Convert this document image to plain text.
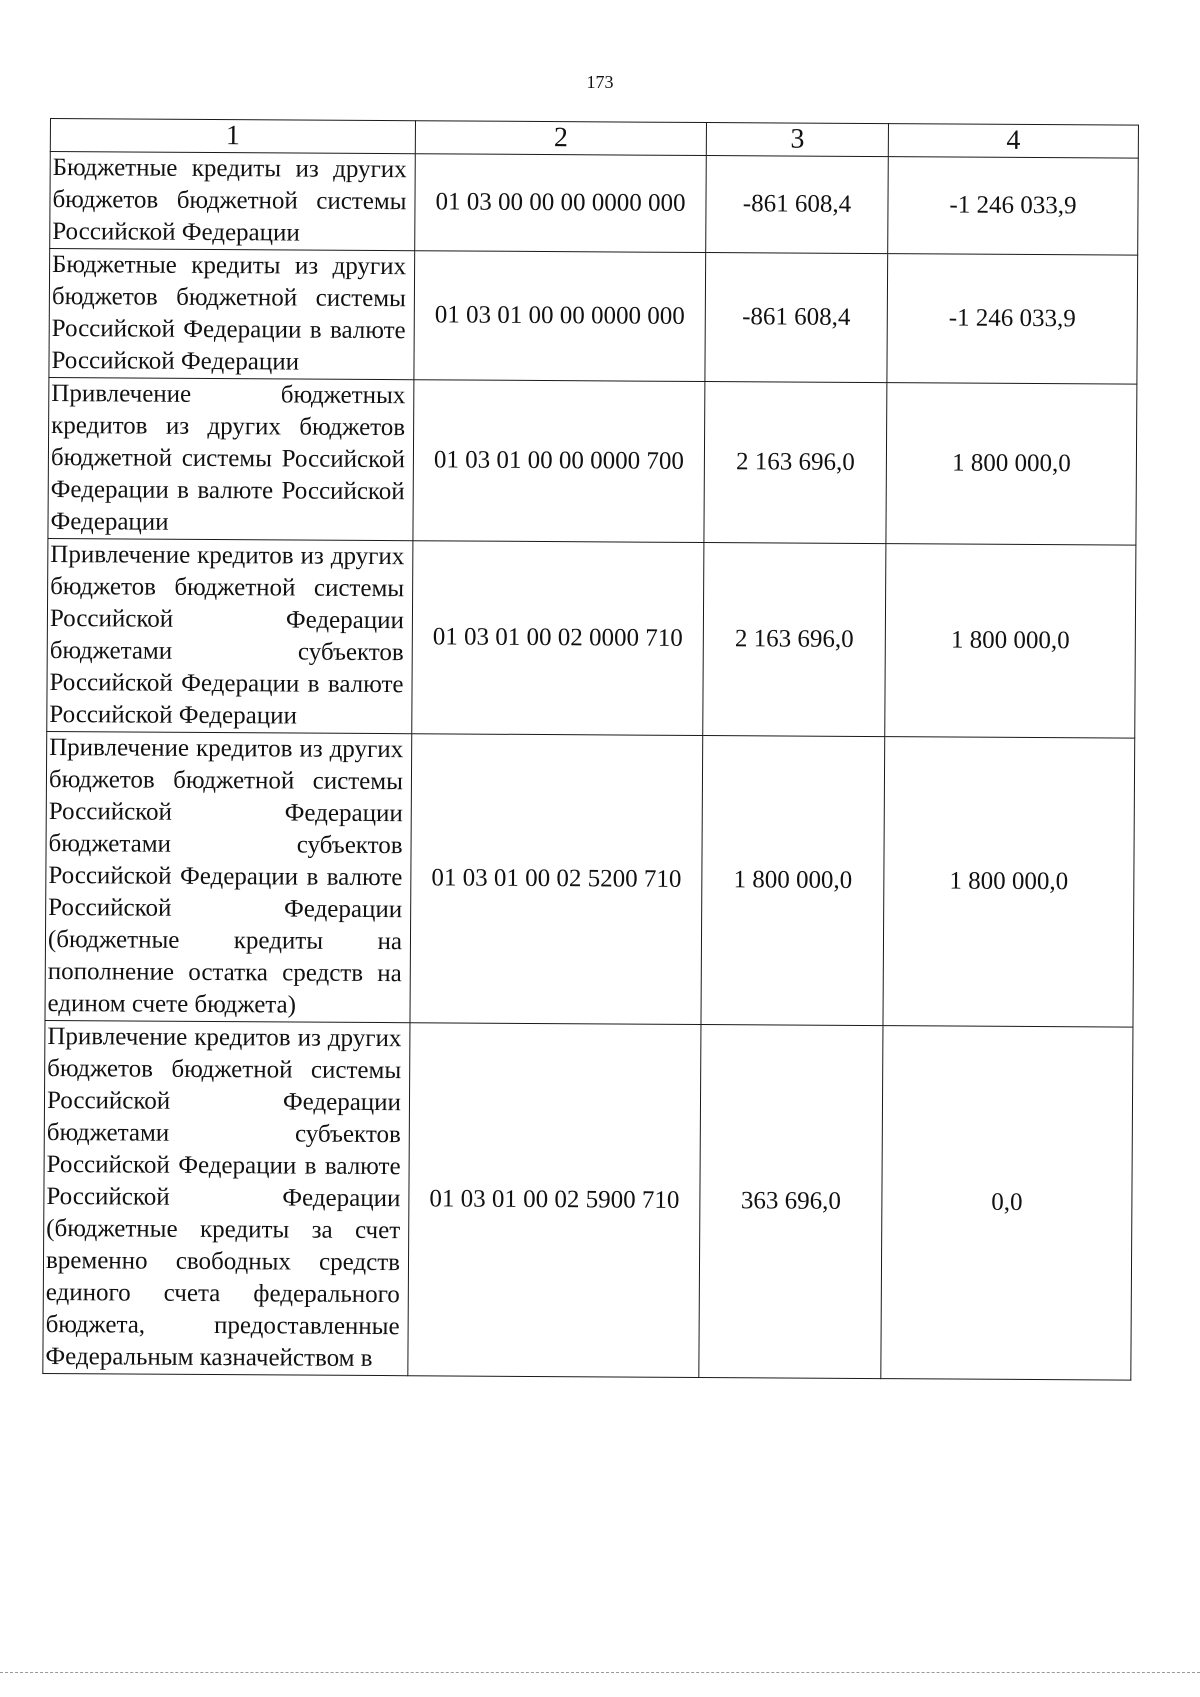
173
1	2	3	4
Бюджетные кредиты из других бюджетов бюджетной системы Российской Федерации	01 03 00 00 00 0000 000	-861 608,4	-1 246 033,9
Бюджетные кредиты из других бюджетов бюджетной системы Российской Федерации в валюте Российской Федерации	01 03 01 00 00 0000 000	-861 608,4	-1 246 033,9
Привлечение бюджетных кредитов из других бюджетов бюджетной системы Российской Федерации в валюте Российской Федерации	01 03 01 00 00 0000 700	2 163 696,0	1 800 000,0
Привлечение кредитов из других бюджетов бюджетной системы Российской Федерации бюджетами субъектов Российской Федерации в валюте Российской Федерации	01 03 01 00 02 0000 710	2 163 696,0	1 800 000,0
Привлечение кредитов из других бюджетов бюджетной системы Российской Федерации бюджетами субъектов Российской Федерации в валюте Российской Федерации (бюджетные кредиты на пополнение остатка средств на едином счете бюджета)	01 03 01 00 02 5200 710	1 800 000,0	1 800 000,0
Привлечение кредитов из других бюджетов бюджетной системы Российской Федерации бюджетами субъектов Российской Федерации в валюте Российской Федерации (бюджетные кредиты за счет временно свободных средств единого счета федерального бюджета, предоставленные Федеральным казначейством в	01 03 01 00 02 5900 710	363 696,0	0,0
